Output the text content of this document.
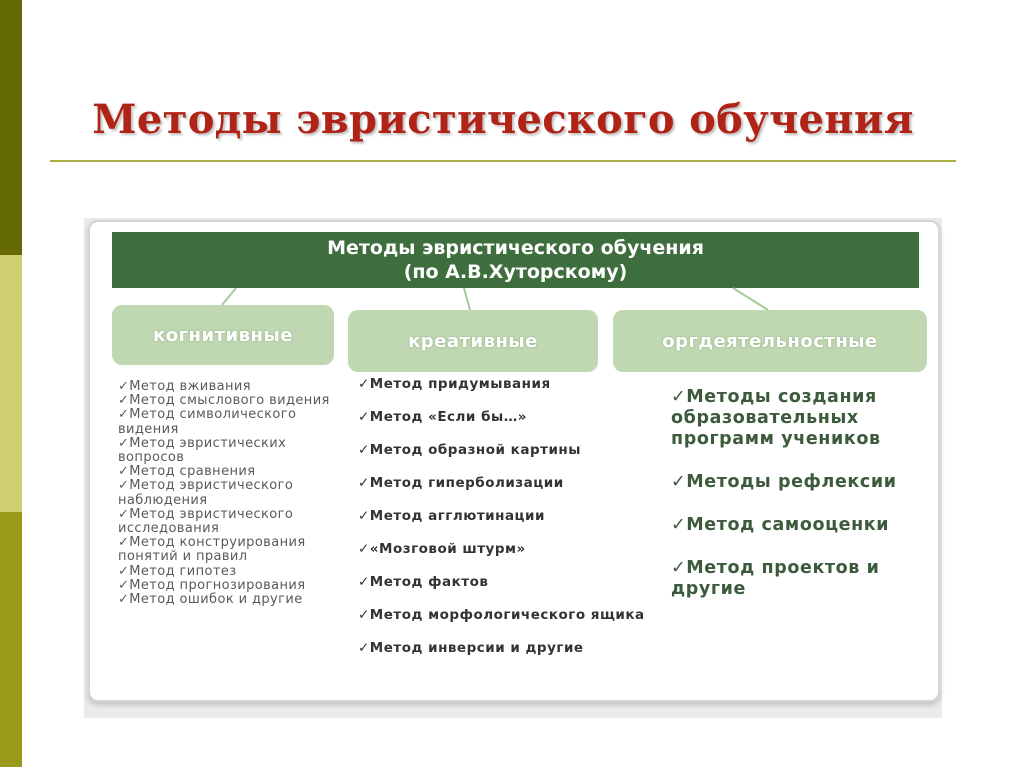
Методы эвристического обучения
Методы эвристического обучения
(по А.В.Хуторскому)
когнитивные	креативные	оргдеятельностные
✓Метод вживания
✓Метод смыслового видения
✓Метод символического видения
✓Метод эвристических вопросов
✓Метод сравнения
✓Метод эвристического наблюдения
✓Метод эвристического исследования
✓Метод конструирования понятий и правил
✓Метод гипотез
✓Метод прогнозирования
✓Метод ошибок и другие
✓Метод придумывания
✓Метод «Если бы…»
✓Метод образной картины
✓Метод гиперболизации
✓Метод агглютинации
✓«Мозговой штурм»
✓Метод фактов
✓Метод морфологического ящика
✓Метод инверсии и другие
✓Методы создания образовательных программ учеников
✓Методы рефлексии
✓Метод самооценки
✓Метод проектов и другие
